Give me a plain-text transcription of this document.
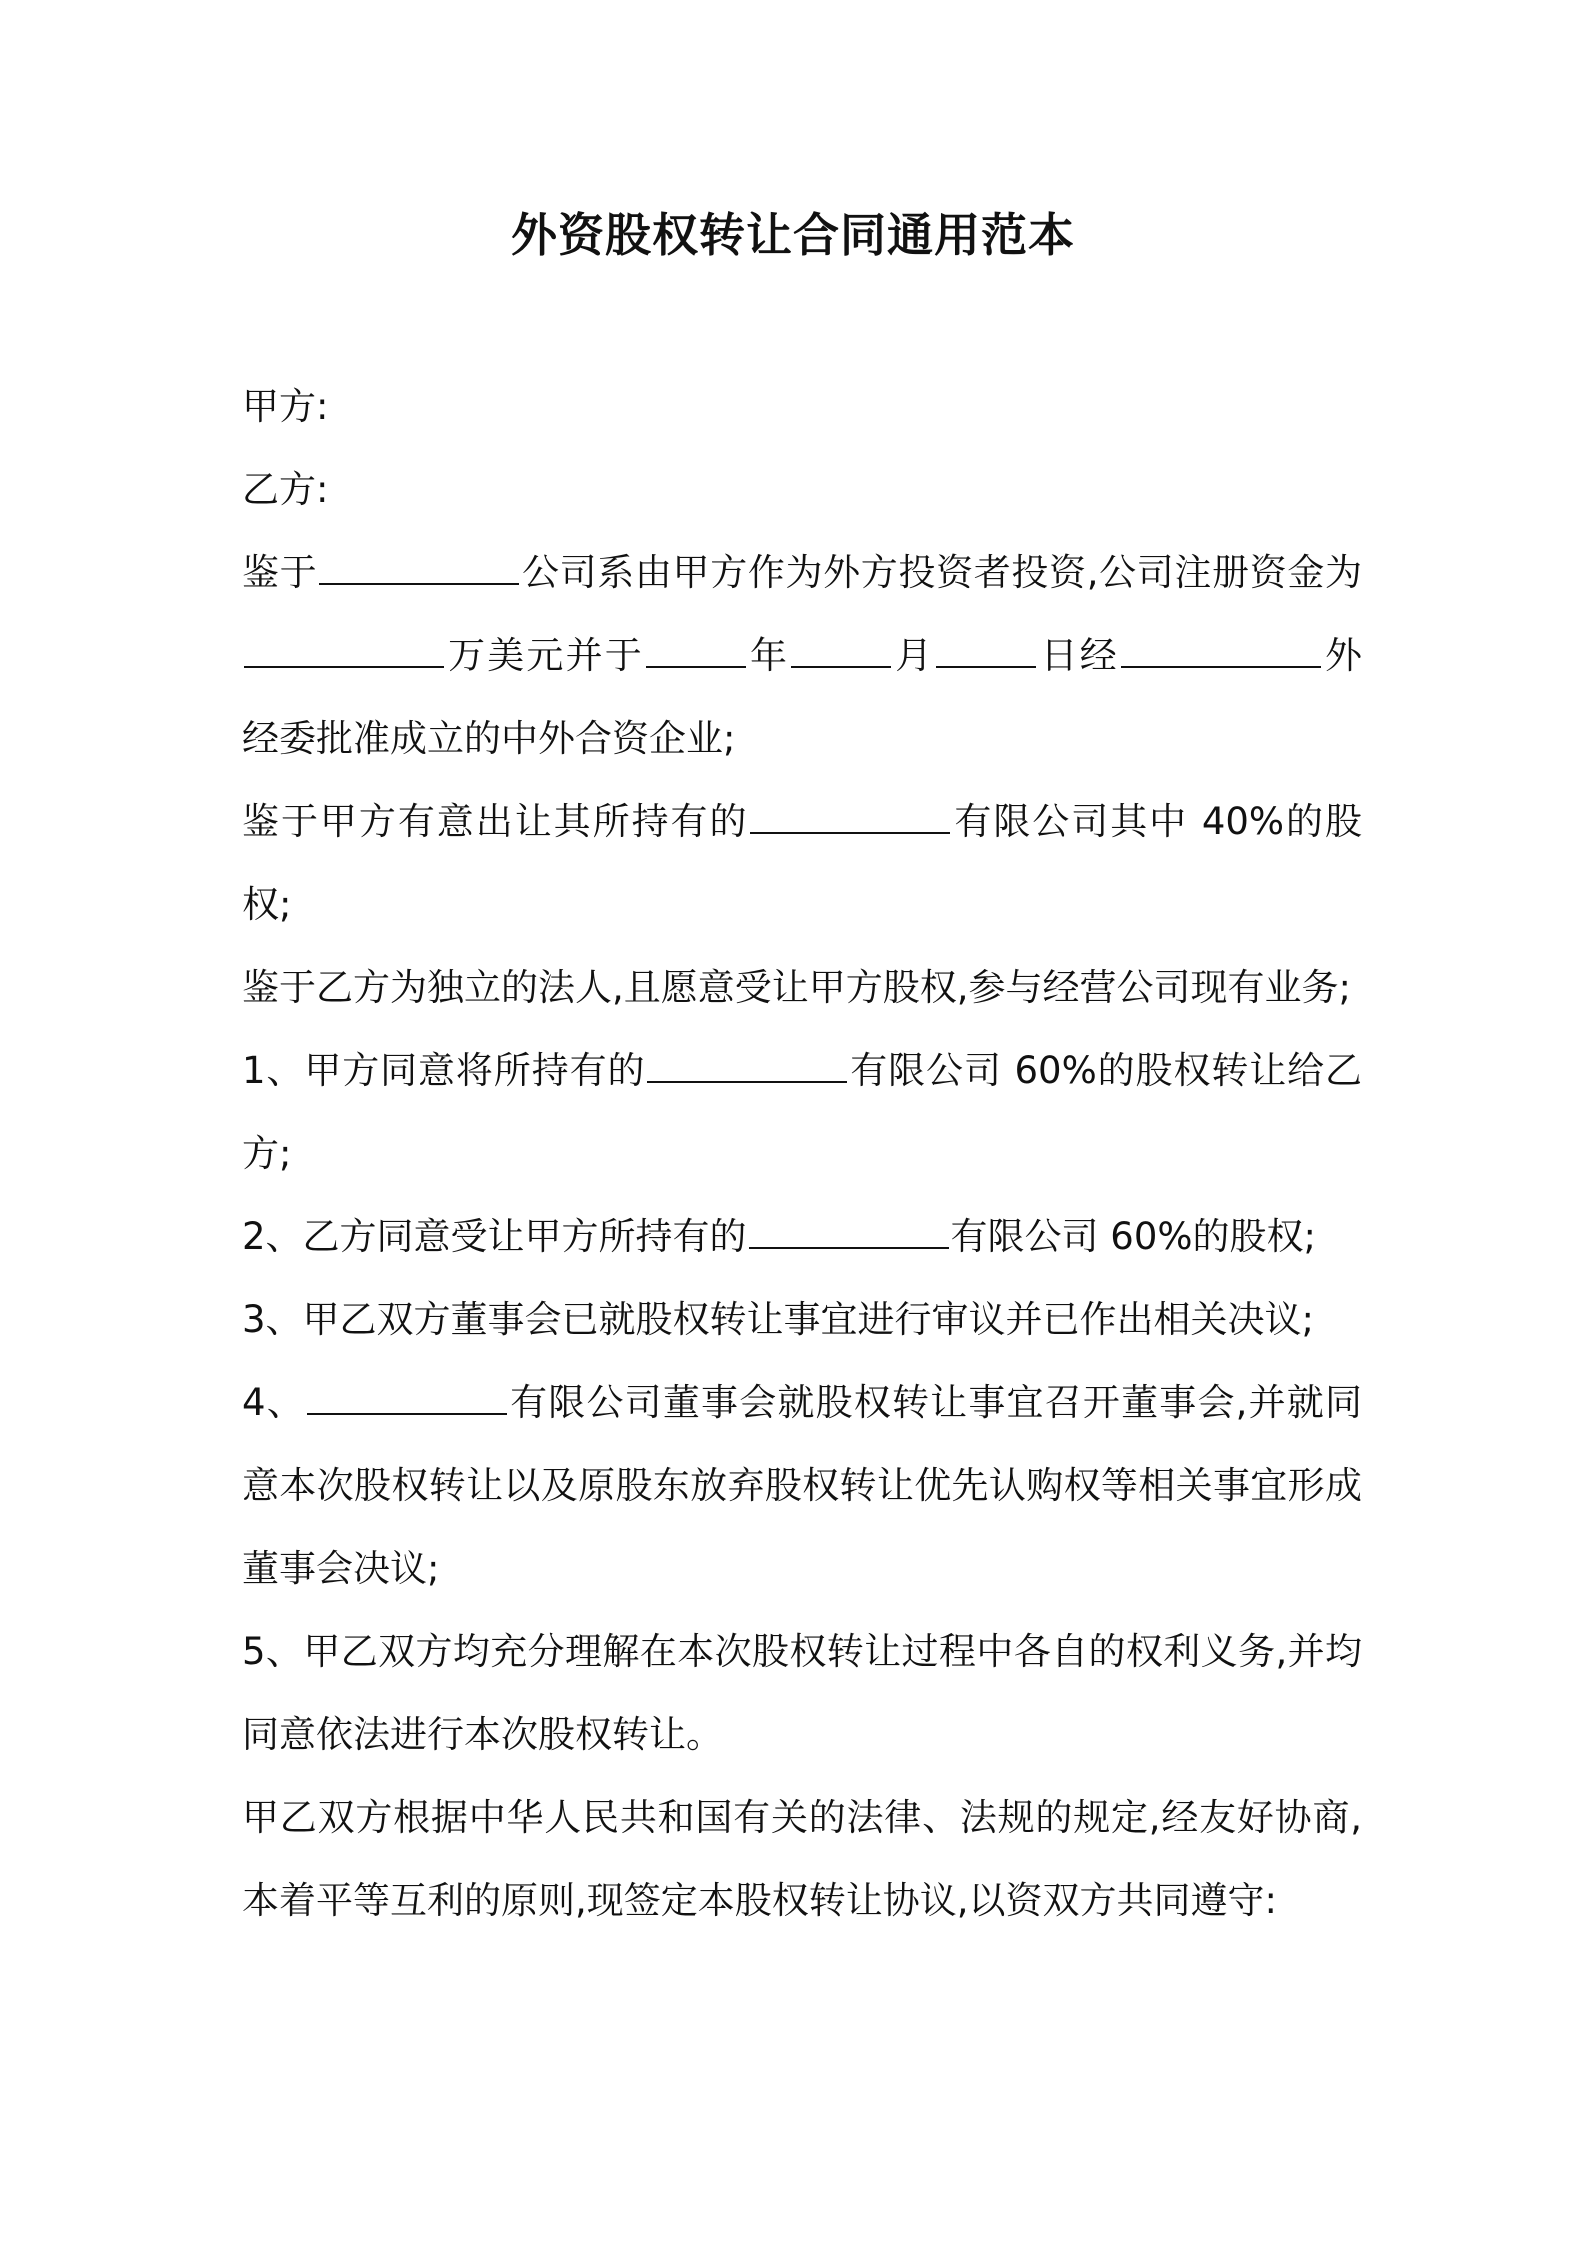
外资股权转让合同通用范本

甲方:

乙方:

鉴于	公司系由甲方作为外方投资者投资,公司注册资金为万美元并于	年	月	日经	外经委批准成立的中外合资企业;

鉴于甲方有意出让其所持有的	有限公司其中 40%的股权;

鉴于乙方为独立的法人,且愿意受让甲方股权,参与经营公司现有业务;

1、甲方同意将所持有的	有限公司 60%的股权转让给乙方;

2、乙方同意受让甲方所持有的	有限公司 60%的股权;

3、甲乙双方董事会已就股权转让事宜进行审议并已作出相关决议;

4、	有限公司董事会就股权转让事宜召开董事会,并就同意本次股权转让以及原股东放弃股权转让优先认购权等相关事宜形成董事会决议;

5、甲乙双方均充分理解在本次股权转让过程中各自的权利义务,并均同意依法进行本次股权转让。

甲乙双方根据中华人民共和国有关的法律、法规的规定,经友好协商,本着平等互利的原则,现签定本股权转让协议,以资双方共同遵守:
